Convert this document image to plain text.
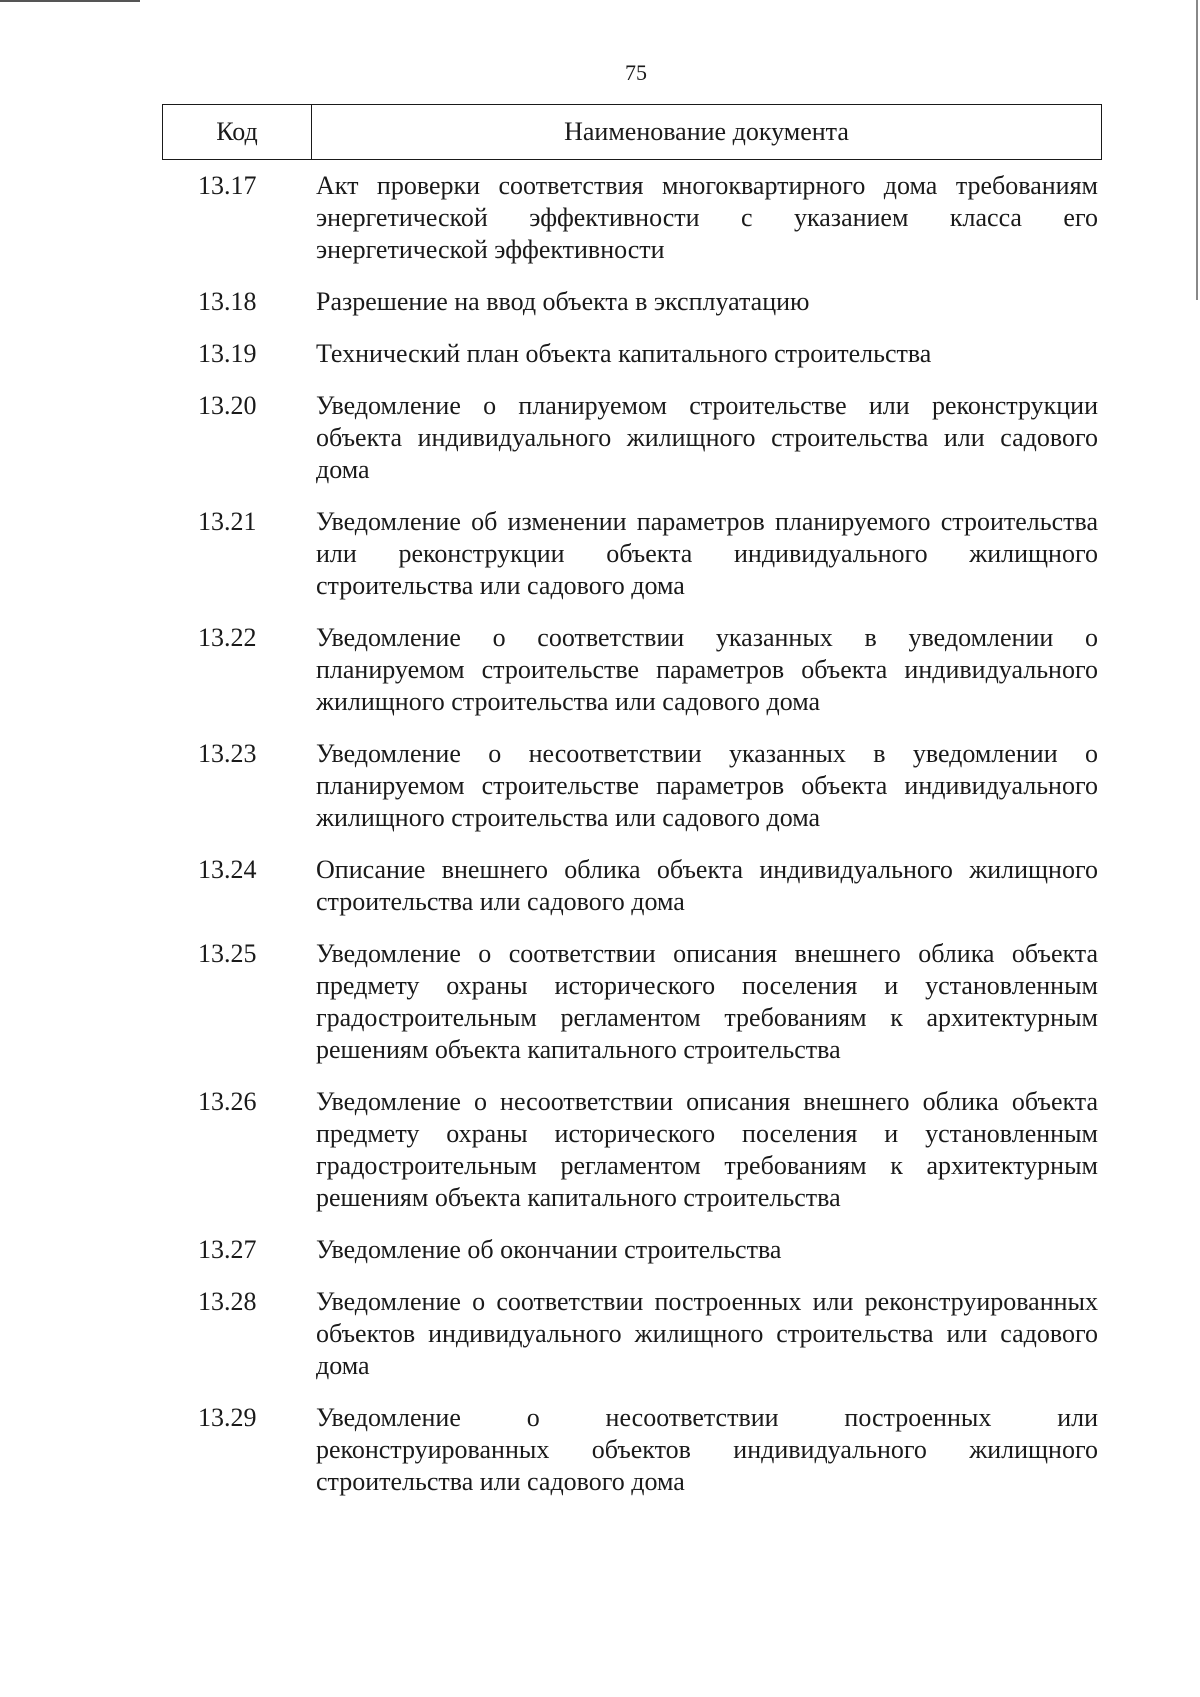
75
Код	Наименование документа
13.17	Акт проверки соответствия многоквартирного дома требованиям энергетической эффективности с указанием класса его энергетической эффективности
13.18	Разрешение на ввод объекта в эксплуатацию
13.19	Технический план объекта капитального строительства
13.20	Уведомление о планируемом строительстве или реконструкции объекта индивидуального жилищного строительства или садового дома
13.21	Уведомление об изменении параметров планируемого строительства или реконструкции объекта индивидуального жилищного строительства или садового дома
13.22	Уведомление о соответствии указанных в уведомлении о планируемом строительстве параметров объекта индивидуального жилищного строительства или садового дома
13.23	Уведомление о несоответствии указанных в уведомлении о планируемом строительстве параметров объекта индивидуального жилищного строительства или садового дома
13.24	Описание внешнего облика объекта индивидуального жилищного строительства или садового дома
13.25	Уведомление о соответствии описания внешнего облика объекта предмету охраны исторического поселения и установленным градостроительным регламентом требованиям к архитектурным решениям объекта капитального строительства
13.26	Уведомление о несоответствии описания внешнего облика объекта предмету охраны исторического поселения и установленным градостроительным регламентом требованиям к архитектурным решениям объекта капитального строительства
13.27	Уведомление об окончании строительства
13.28	Уведомление о соответствии построенных или реконструированных объектов индивидуального жилищного строительства или садового дома
13.29	Уведомление о несоответствии построенных или реконструированных объектов индивидуального жилищного строительства или садового дома
